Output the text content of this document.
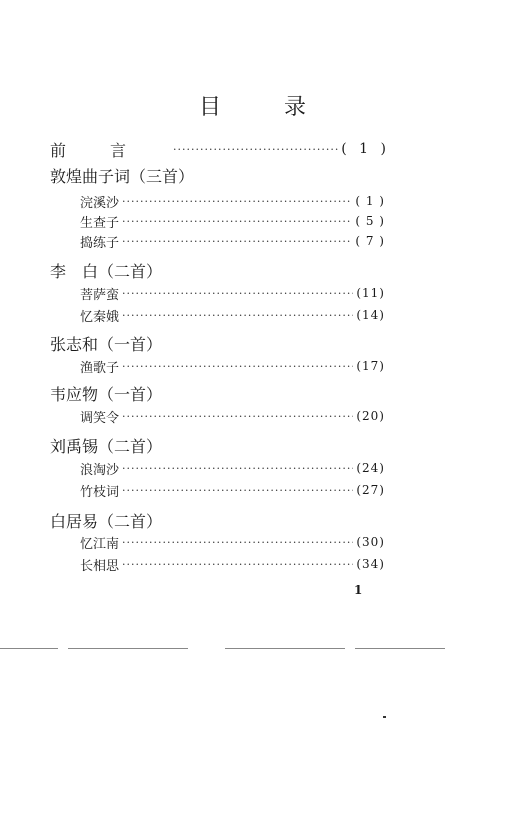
目 录
前言 ·····	( 1 )
敦煌曲子词（三首）
浣溪沙 ·····	( 1 )
生查子 ·····	( 5 )
捣练子 ·····	( 7 )
李　白（二首）
菩萨蛮 ·····	(11)
忆秦娥 ·····	(14)
张志和（一首）
渔歌子 ·····	(17)
韦应物（一首）
调笑令 ·····	(20)
刘禹锡（二首）
浪淘沙 ·····	(24)
竹枝词 ·····	(27)
白居易（二首）
忆江南 ·····	(30)
长相思 ·····	(34)
1
